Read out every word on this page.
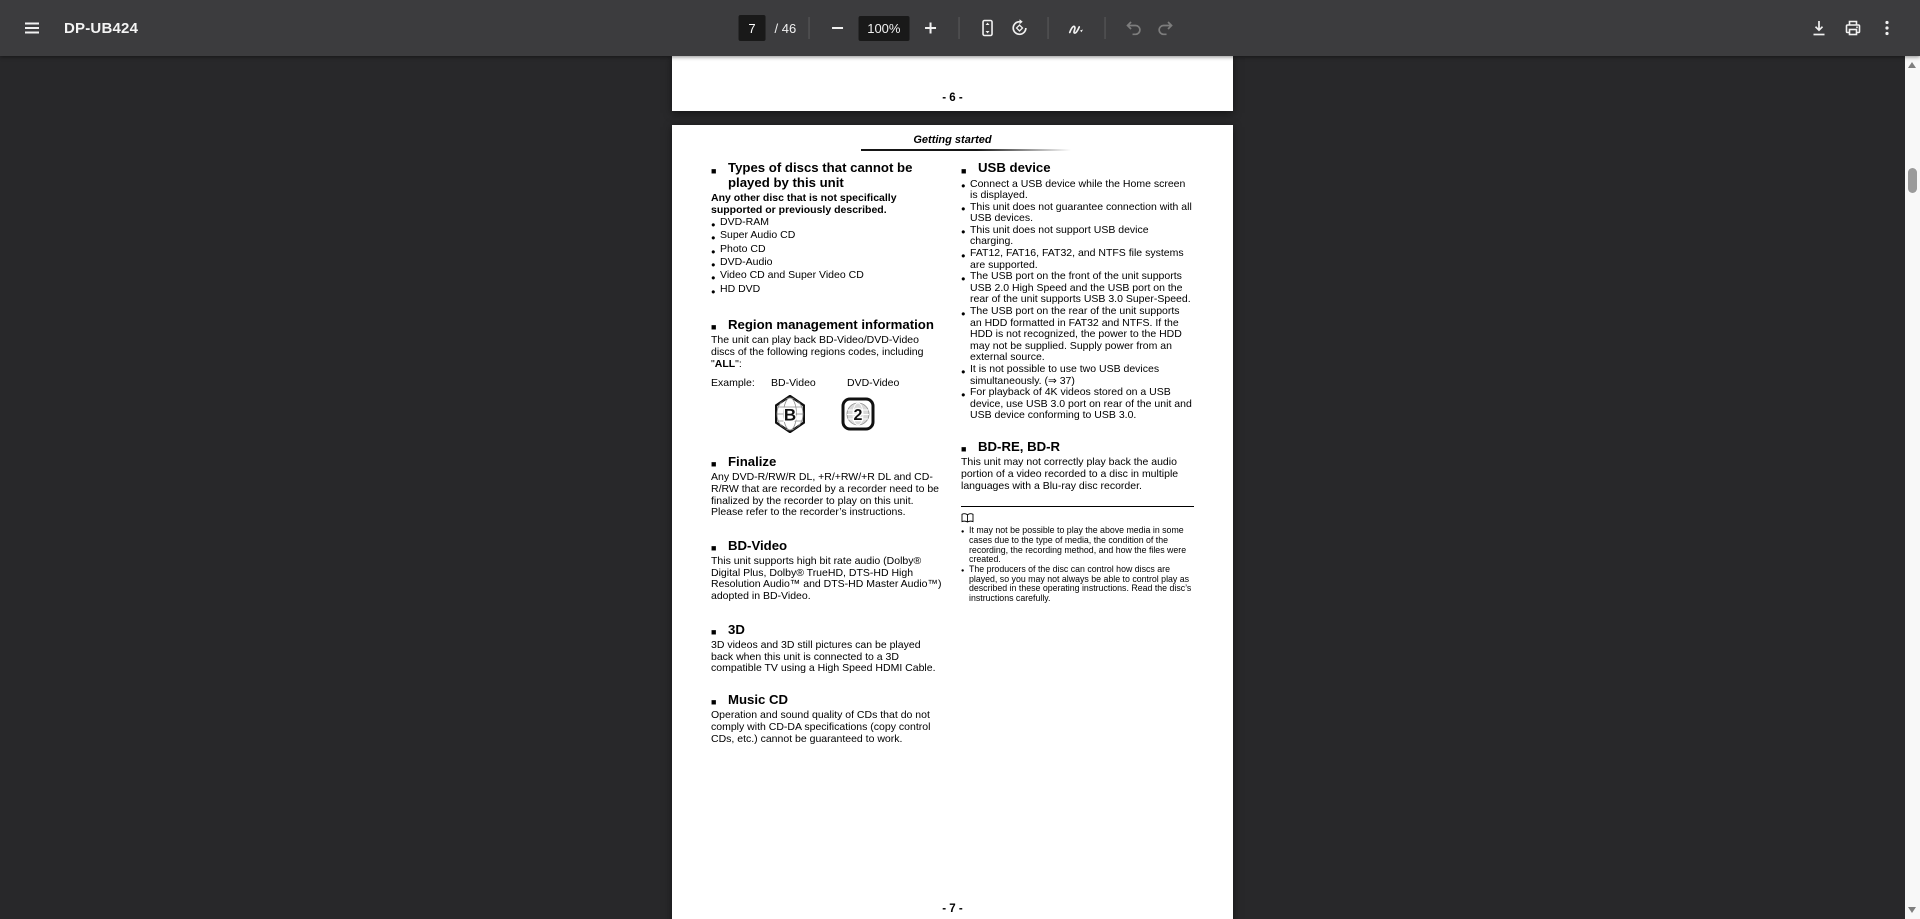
DP-UB424
7	/ 46	100%
- 6 -
Getting started
■ Types of discs that cannot be played by this unit

Any other disc that is not specifically supported or previously described.

● DVD-RAM
● Super Audio CD
● Photo CD
● DVD-Audio
● Video CD and Super Video CD
● HD DVD
■ Region management information

The unit can play back BD-Video/DVD-Video discs of the following regions codes, including "ALL":

Example:	BD-Video	DVD-Video
B	2
■ Finalize

Any DVD-R/RW/R DL, +R/+RW/+R DL and CD-R/RW that are recorded by a recorder need to be finalized by the recorder to play on this unit. Please refer to the recorder’s instructions.

■ BD-Video

This unit supports high bit rate audio (Dolby® Digital Plus, Dolby® TrueHD, DTS-HD High Resolution Audio™ and DTS-HD Master Audio™) adopted in BD-Video.

■ 3D

3D videos and 3D still pictures can be played back when this unit is connected to a 3D compatible TV using a High Speed HDMI Cable.

■ Music CD

Operation and sound quality of CDs that do not comply with CD-DA specifications (copy control CDs, etc.) cannot be guaranteed to work.

■ USB device
● Connect a USB device while the Home screen is displayed.
● This unit does not guarantee connection with all USB devices.
● This unit does not support USB device charging.
● FAT12, FAT16, FAT32, and NTFS file systems are supported.
● The USB port on the front of the unit supports USB 2.0 High Speed and the USB port on the rear of the unit supports USB 3.0 Super-Speed.
● The USB port on the rear of the unit supports an HDD formatted in FAT32 and NTFS. If the HDD is not recognized, the power to the HDD may not be supplied. Supply power from an external source.
● It is not possible to use two USB devices simultaneously. (⇒ 37)
● For playback of 4K videos stored on a USB device, use USB 3.0 port on rear of the unit and USB device conforming to USB 3.0.
■ BD-RE, BD-R

This unit may not correctly play back the audio portion of a video recorded to a disc in multiple languages with a Blu-ray disc recorder.

● It may not be possible to play the above media in some cases due to the type of media, the condition of the recording, the recording method, and how the files were created.
● The producers of the disc can control how discs are played, so you may not always be able to control play as described in these operating instructions. Read the disc’s instructions carefully.
- 7 -
